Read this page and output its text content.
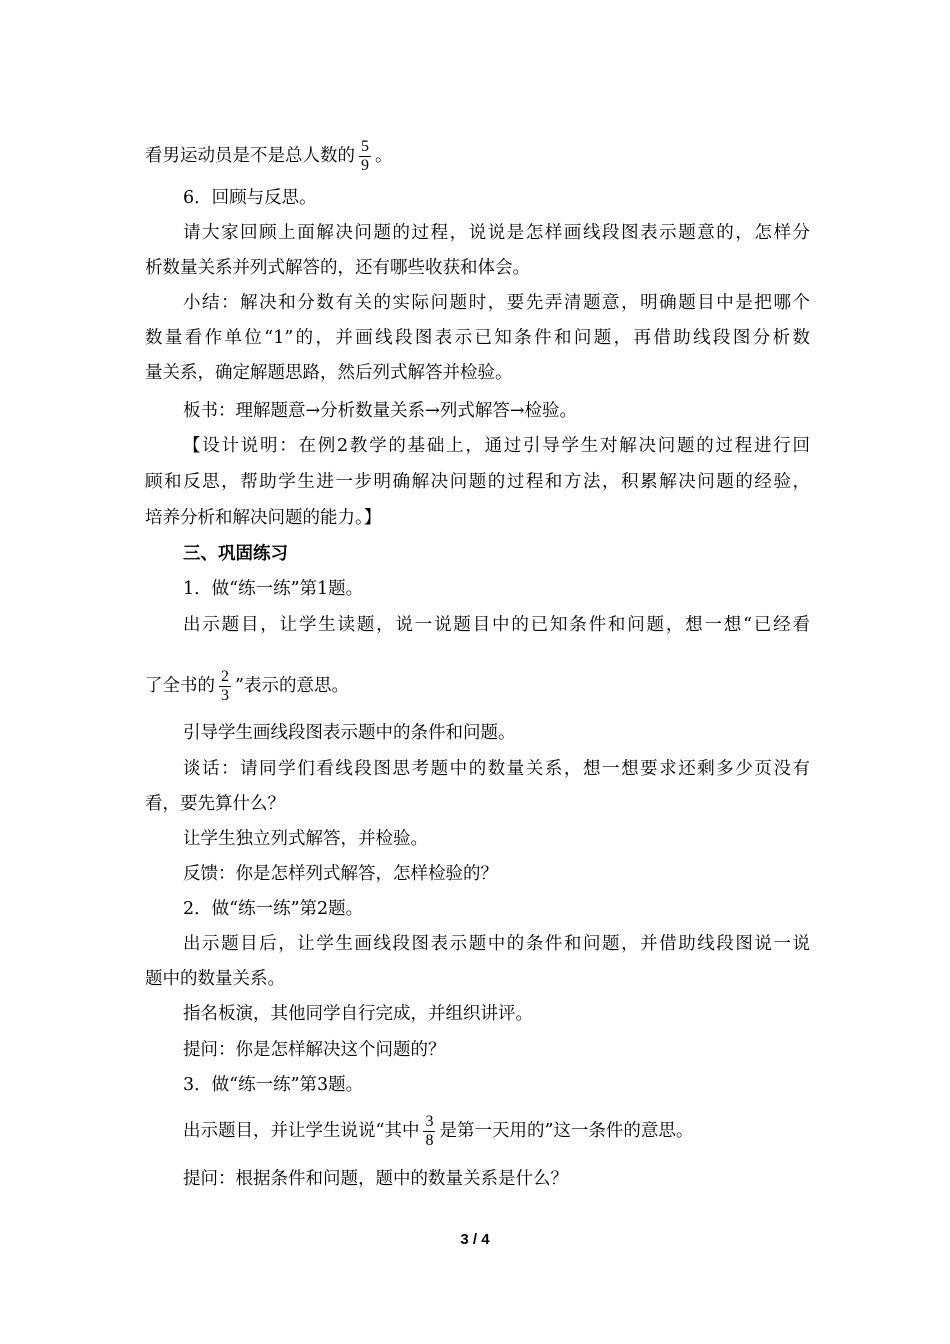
看男运动员是不是总人数的 $\frac{5}{9}$ 。
6．回顾与反思。
请大家回顾上面解决问题的过程，说说是怎样画线段图表示题意的，怎样分
析数量关系并列式解答的，还有哪些收获和体会。
小结：解决和分数有关的实际问题时，要先弄清题意，明确题目中是把哪个
数量看作单位“1”的，并画线段图表示已知条件和问题，再借助线段图分析数
量关系，确定解题思路，然后列式解答并检验。
板书：理解题意→分析数量关系→列式解答→检验。
【设计说明：在例2教学的基础上，通过引导学生对解决问题的过程进行回
顾和反思，帮助学生进一步明确解决问题的过程和方法，积累解决问题的经验，
培养分析和解决问题的能力。】
三、巩固练习
1．做“练一练”第1题。
出示题目，让学生读题，说一说题目中的已知条件和问题，想一想“已经看
了全书的 $\frac{2}{3}$ ”表示的意思。
引导学生画线段图表示题中的条件和问题。
谈话：请同学们看线段图思考题中的数量关系，想一想要求还剩多少页没有
看，要先算什么？
让学生独立列式解答，并检验。
反馈：你是怎样列式解答，怎样检验的？
2．做“练一练”第2题。
出示题目后，让学生画线段图表示题中的条件和问题，并借助线段图说一说
题中的数量关系。
指名板演，其他同学自行完成，并组织讲评。
提问：你是怎样解决这个问题的？
3．做“练一练”第3题。
出示题目，并让学生说说“其中 $\frac{3}{8}$ 是第一天用的”这一条件的意思。
提问：根据条件和问题，题中的数量关系是什么？
3 / 4
